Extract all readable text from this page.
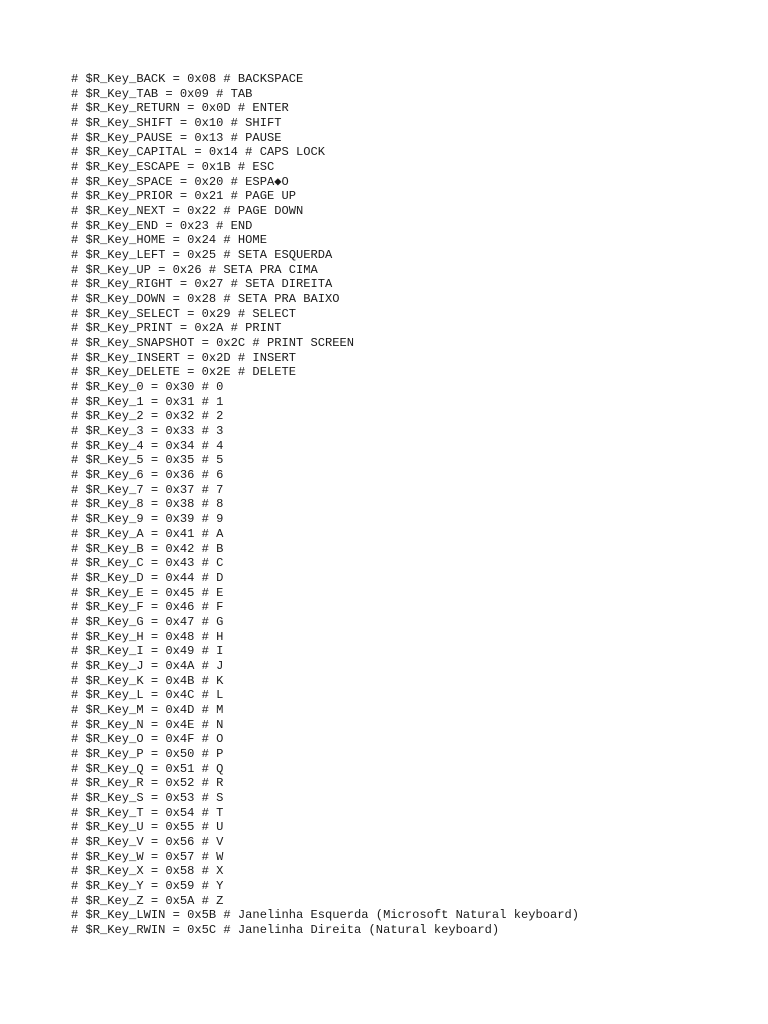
# $R_Key_BACK = 0x08 # BACKSPACE
# $R_Key_TAB = 0x09 # TAB
# $R_Key_RETURN = 0x0D # ENTER
# $R_Key_SHIFT = 0x10 # SHIFT
# $R_Key_PAUSE = 0x13 # PAUSE
# $R_Key_CAPITAL = 0x14 # CAPS LOCK
# $R_Key_ESCAPE = 0x1B # ESC
# $R_Key_SPACE = 0x20 # ESPA◆O
# $R_Key_PRIOR = 0x21 # PAGE UP
# $R_Key_NEXT = 0x22 # PAGE DOWN
# $R_Key_END = 0x23 # END
# $R_Key_HOME = 0x24 # HOME
# $R_Key_LEFT = 0x25 # SETA ESQUERDA
# $R_Key_UP = 0x26 # SETA PRA CIMA
# $R_Key_RIGHT = 0x27 # SETA DIREITA
# $R_Key_DOWN = 0x28 # SETA PRA BAIXO
# $R_Key_SELECT = 0x29 # SELECT
# $R_Key_PRINT = 0x2A # PRINT
# $R_Key_SNAPSHOT = 0x2C # PRINT SCREEN
# $R_Key_INSERT = 0x2D # INSERT
# $R_Key_DELETE = 0x2E # DELETE
# $R_Key_0 = 0x30 # 0
# $R_Key_1 = 0x31 # 1
# $R_Key_2 = 0x32 # 2
# $R_Key_3 = 0x33 # 3
# $R_Key_4 = 0x34 # 4
# $R_Key_5 = 0x35 # 5
# $R_Key_6 = 0x36 # 6
# $R_Key_7 = 0x37 # 7
# $R_Key_8 = 0x38 # 8
# $R_Key_9 = 0x39 # 9
# $R_Key_A = 0x41 # A
# $R_Key_B = 0x42 # B
# $R_Key_C = 0x43 # C
# $R_Key_D = 0x44 # D
# $R_Key_E = 0x45 # E
# $R_Key_F = 0x46 # F
# $R_Key_G = 0x47 # G
# $R_Key_H = 0x48 # H
# $R_Key_I = 0x49 # I
# $R_Key_J = 0x4A # J
# $R_Key_K = 0x4B # K
# $R_Key_L = 0x4C # L
# $R_Key_M = 0x4D # M
# $R_Key_N = 0x4E # N
# $R_Key_O = 0x4F # O
# $R_Key_P = 0x50 # P
# $R_Key_Q = 0x51 # Q
# $R_Key_R = 0x52 # R
# $R_Key_S = 0x53 # S
# $R_Key_T = 0x54 # T
# $R_Key_U = 0x55 # U
# $R_Key_V = 0x56 # V
# $R_Key_W = 0x57 # W
# $R_Key_X = 0x58 # X
# $R_Key_Y = 0x59 # Y
# $R_Key_Z = 0x5A # Z
# $R_Key_LWIN = 0x5B # Janelinha Esquerda (Microsoft Natural keyboard)
# $R_Key_RWIN = 0x5C # Janelinha Direita (Natural keyboard)
